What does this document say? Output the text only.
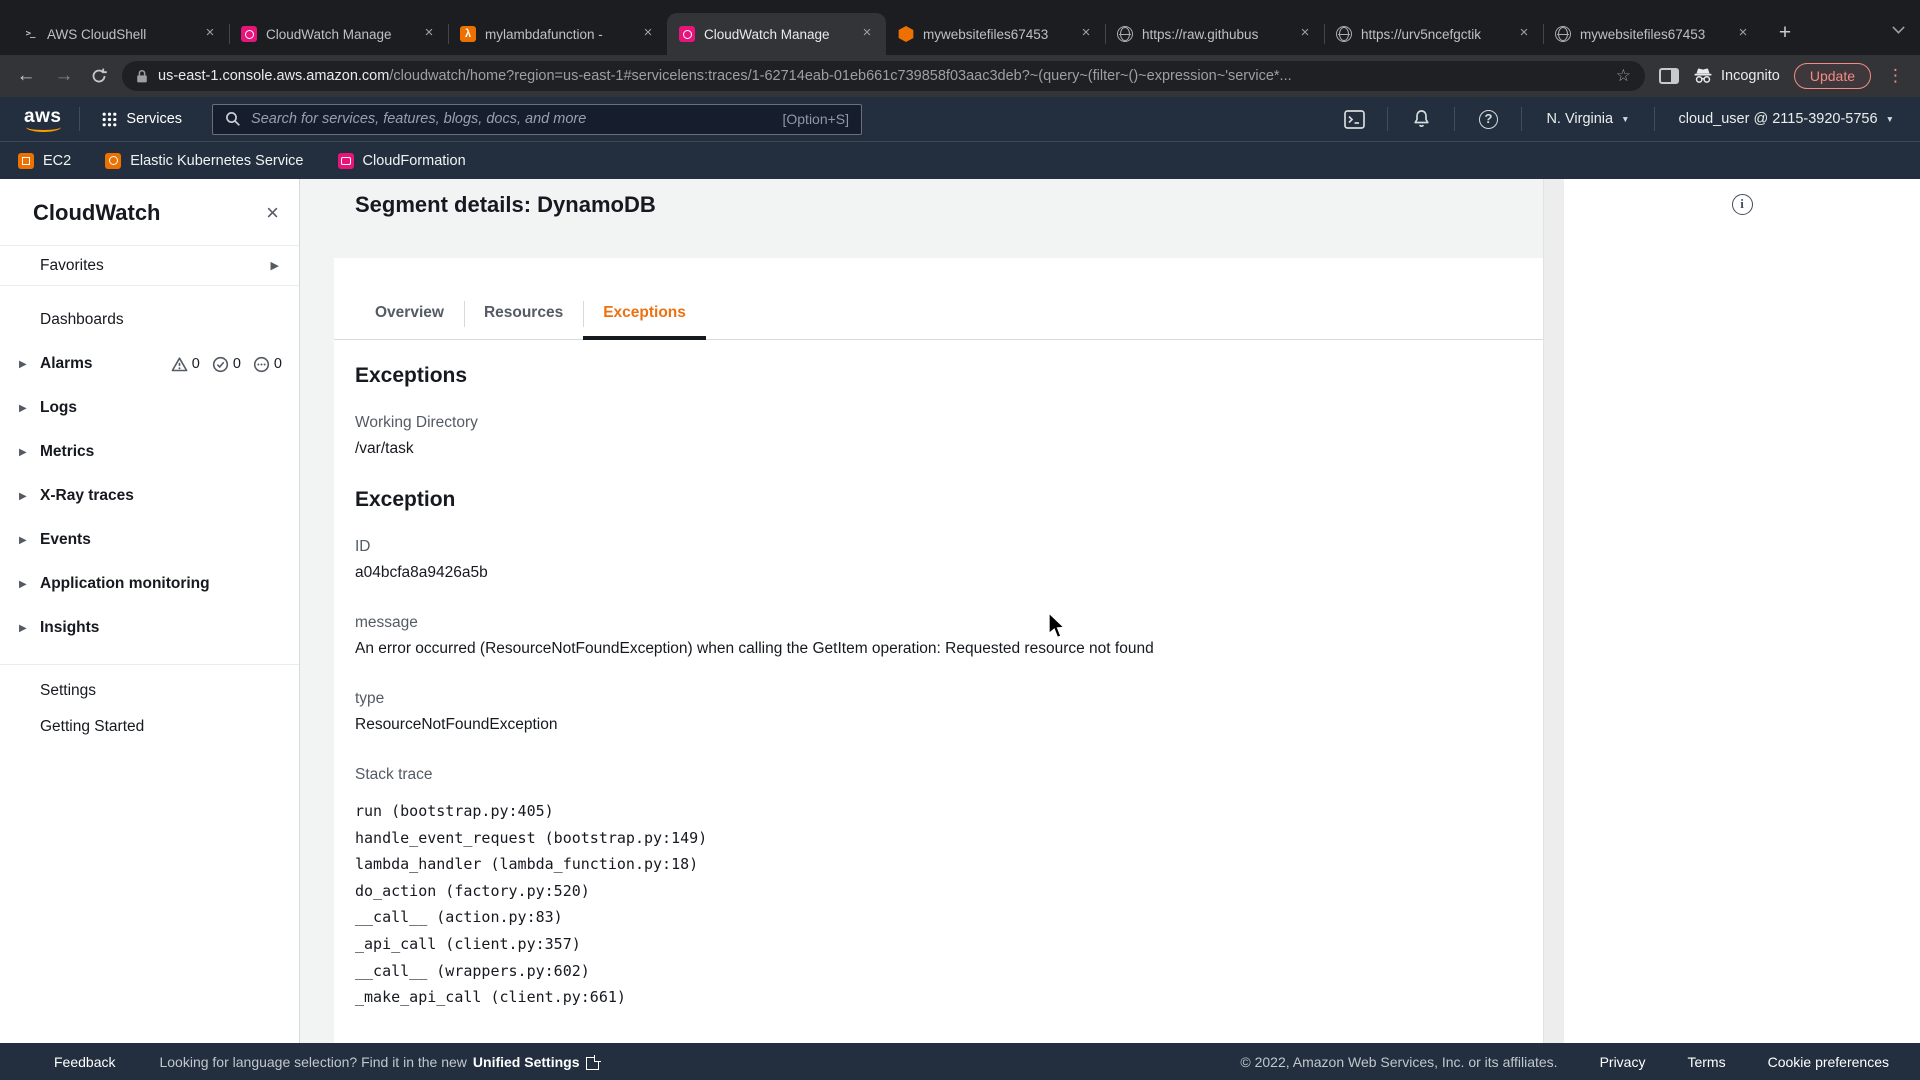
>_ AWS CloudShell	×	CloudWatch Manage	×	λ	mylambdafunction -	×	CloudWatch Manage	×	mywebsitefiles67453	×	https://raw.githubus	×	https://urv5ncefgctik	×	mywebsitefiles67453	×	+
← →	us-east-1.console.aws.amazon.com/cloudwatch/home?region=us-east-1#servicelens:traces/1-62714eab-01eb661c739858f03aac3deb?~(query~(filter~()~expression~'service*...	☆	Incognito	Update	⋮
aws	Services	Search for services, features, blogs, docs, and more	[Option+S]	?	N. Virginia ▼	cloud_user @ 2115-3920-5756 ▼
EC2	Elastic Kubernetes Service	CloudFormation
CloudWatch	×
Favorites	▶
Dashboards
▶ Alarms	0 0 0
▶ Logs
▶ Metrics
▶ X-Ray traces
▶ Events
▶ Application monitoring
▶ Insights
Settings
Getting Started
Segment details: DynamoDB
Overview	Resources	Exceptions
Exceptions
Working Directory
/var/task
Exception
ID
a04bcfa8a9426a5b
message
An error occurred (ResourceNotFoundException) when calling the GetItem operation: Requested resource not found
type
ResourceNotFoundException
Stack trace
run (bootstrap.py:405)
handle_event_request (bootstrap.py:149)
lambda_handler (lambda_function.py:18)
do_action (factory.py:520)
__call__ (action.py:83)
_api_call (client.py:357)
__call__ (wrappers.py:602)
_make_api_call (client.py:661)
i
Feedback	Looking for language selection? Find it in the new Unified Settings	© 2022, Amazon Web Services, Inc. or its affiliates.	Privacy	Terms	Cookie preferences
